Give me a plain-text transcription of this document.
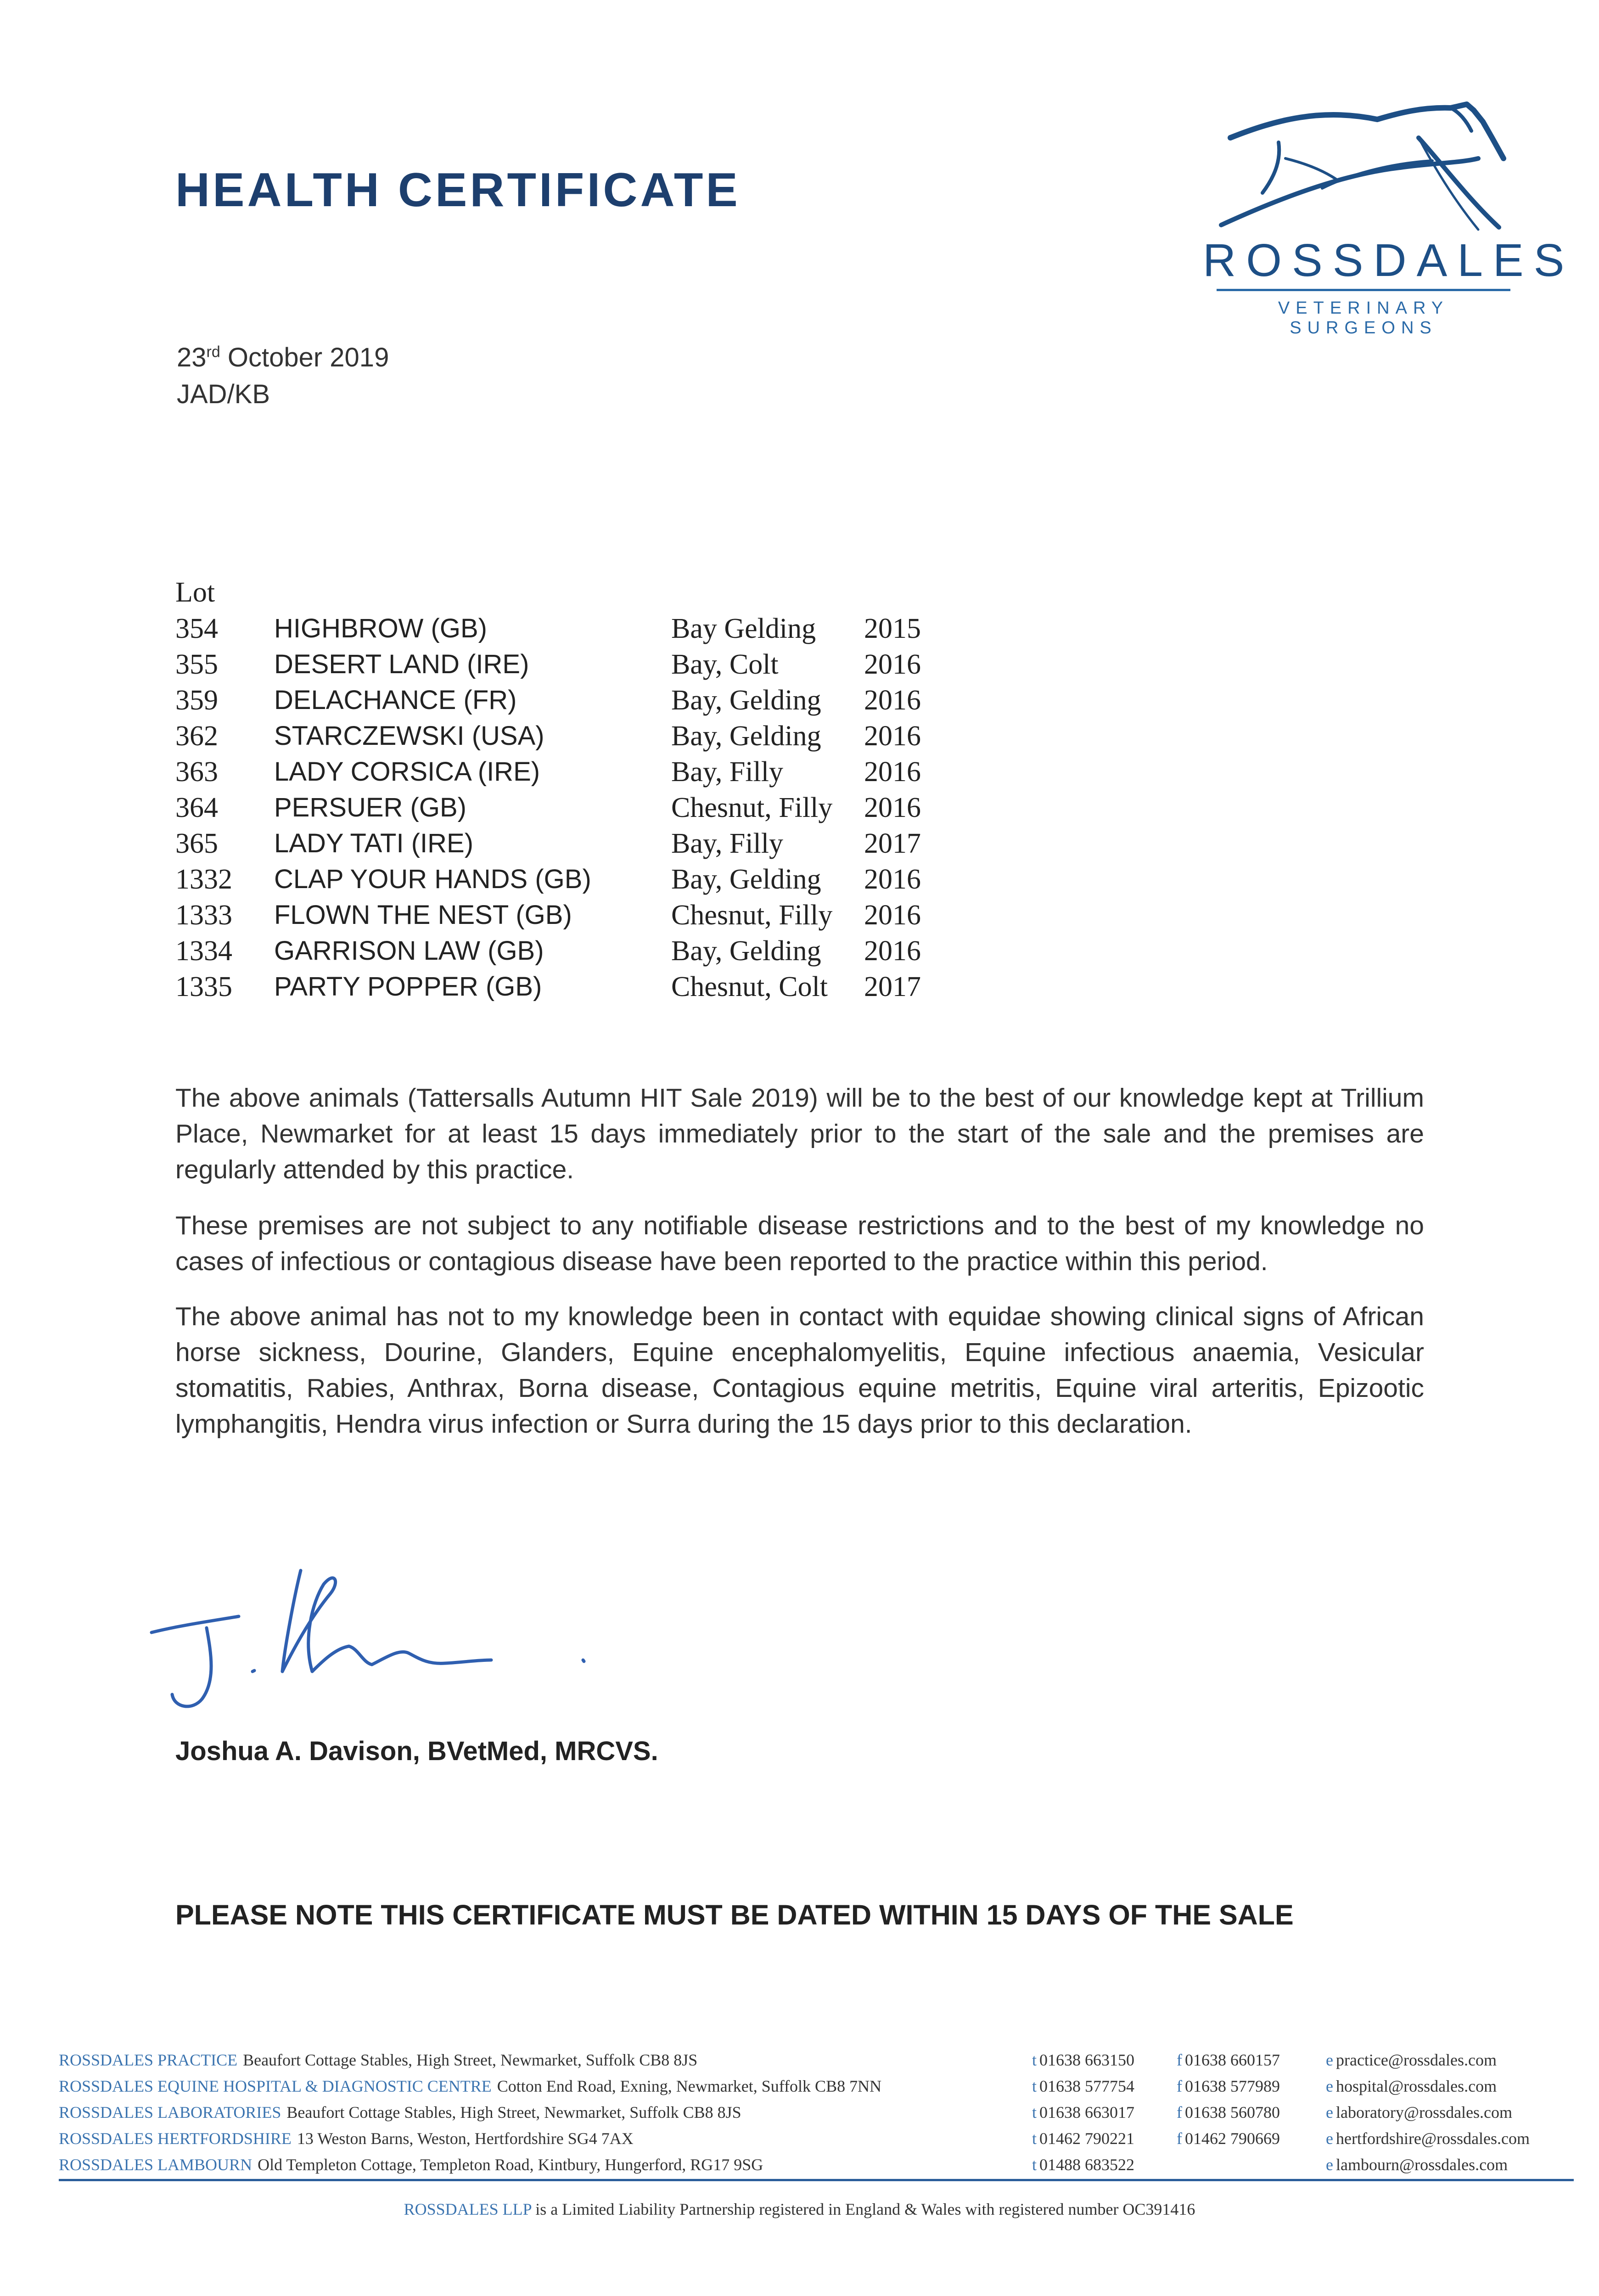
HEALTH CERTIFICATE
ROSSDALES
VETERINARY SURGEONS
23rd October 2019
JAD/KB
Lot
354 HIGHBROW (GB)	Bay Gelding 2015
355 DESERT LAND (IRE)	Bay, Colt	2016
359 DELACHANCE (FR)	Bay, Gelding 2016
362 STARCZEWSKI (USA)	Bay, Gelding 2016
363 LADY CORSICA (IRE)	Bay, Filly	2016
364 PERSUER (GB)	Chesnut, Filly 2016
365 LADY TATI (IRE)	Bay, Filly	2017
1332 CLAP YOUR HANDS (GB)	Bay, Gelding 2016
1333 FLOWN THE NEST (GB)	Chesnut, Filly 2016
1334 GARRISON LAW (GB)	Bay, Gelding 2016
1335 PARTY POPPER (GB)	Chesnut, Colt 2017
The above animals (Tattersalls Autumn HIT Sale 2019) will be to the best of our knowledge kept at Trillium Place, Newmarket for at least 15 days immediately prior to the start of the sale and the premises are regularly attended by this practice.
These premises are not subject to any notifiable disease restrictions and to the best of my knowledge no cases of infectious or contagious disease have been reported to the practice within this period.
The above animal has not to my knowledge been in contact with equidae showing clinical signs of African horse sickness, Dourine, Glanders, Equine encephalomyelitis, Equine infectious anaemia, Vesicular stomatitis, Rabies, Anthrax, Borna disease, Contagious equine metritis, Equine viral arteritis, Epizootic lymphangitis, Hendra virus infection or Surra during the 15 days prior to this declaration.
Joshua A. Davison, BVetMed, MRCVS.
PLEASE NOTE THIS CERTIFICATE MUST BE DATED WITHIN 15 DAYS OF THE SALE
ROSSDALES PRACTICE Beaufort Cottage Stables, High Street, Newmarket, Suffolk CB8 8JS	t 01638 663150	f 01638 660157	e practice@rossdales.com
ROSSDALES EQUINE HOSPITAL & DIAGNOSTIC CENTRE Cotton End Road, Exning, Newmarket, Suffolk CB8 7NN	t 01638 577754	f 01638 577989	e hospital@rossdales.com
ROSSDALES LABORATORIES Beaufort Cottage Stables, High Street, Newmarket, Suffolk CB8 8JS	t 01638 663017	f 01638 560780	e laboratory@rossdales.com
ROSSDALES HERTFORDSHIRE 13 Weston Barns, Weston, Hertfordshire SG4 7AX	t 01462 790221	f 01462 790669	e hertfordshire@rossdales.com
ROSSDALES LAMBOURN Old Templeton Cottage, Templeton Road, Kintbury, Hungerford, RG17 9SG	t 01488 683522	e lambourn@rossdales.com
ROSSDALES LLP is a Limited Liability Partnership registered in England & Wales with registered number OC391416
